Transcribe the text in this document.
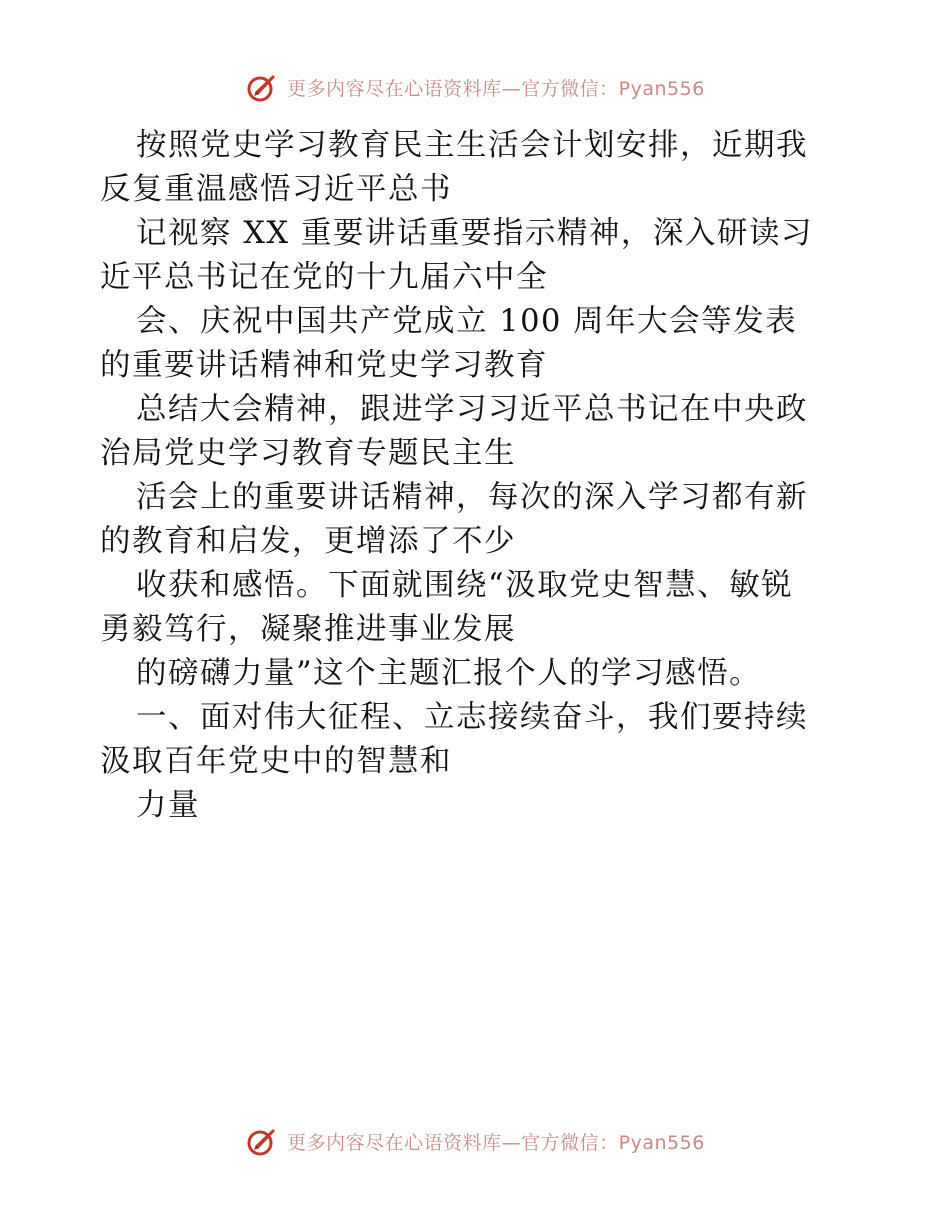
更多内容尽在心语资料库—官方微信：Pyan556
按照党史学习教育民主生活会计划安排，近期我
反复重温感悟习近平总书
记视察 XX 重要讲话重要指示精神，深入研读习
近平总书记在党的十九届六中全
会、庆祝中国共产党成立 100 周年大会等发表
的重要讲话精神和党史学习教育
总结大会精神，跟进学习习近平总书记在中央政
治局党史学习教育专题民主生
活会上的重要讲话精神，每次的深入学习都有新
的教育和启发，更增添了不少
收获和感悟。下面就围绕“汲取党史智慧、敏锐
勇毅笃行，凝聚推进事业发展
的磅礴力量”这个主题汇报个人的学习感悟。
一、面对伟大征程、立志接续奋斗，我们要持续
汲取百年党史中的智慧和
力量
更多内容尽在心语资料库—官方微信：Pyan556
